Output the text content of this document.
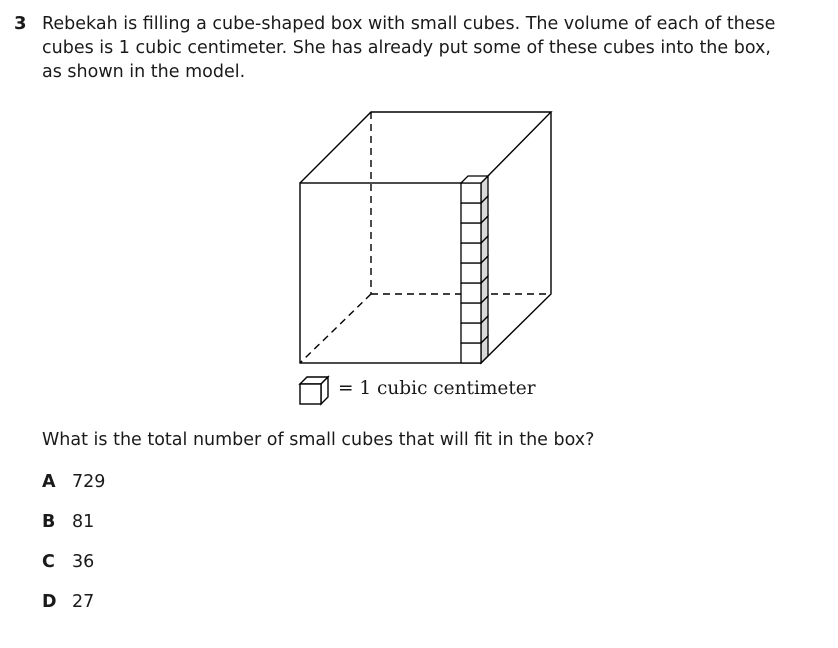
3 Rebekah is filling a cube-shaped box with small cubes. The volume of each of these
cubes is 1 cubic centimeter. She has already put some of these cubes into the box,
as shown in the model.
= 1 cubic centimeter
What is the total number of small cubes that will fit in the box?
A 729
B 81
C 36
D 27
